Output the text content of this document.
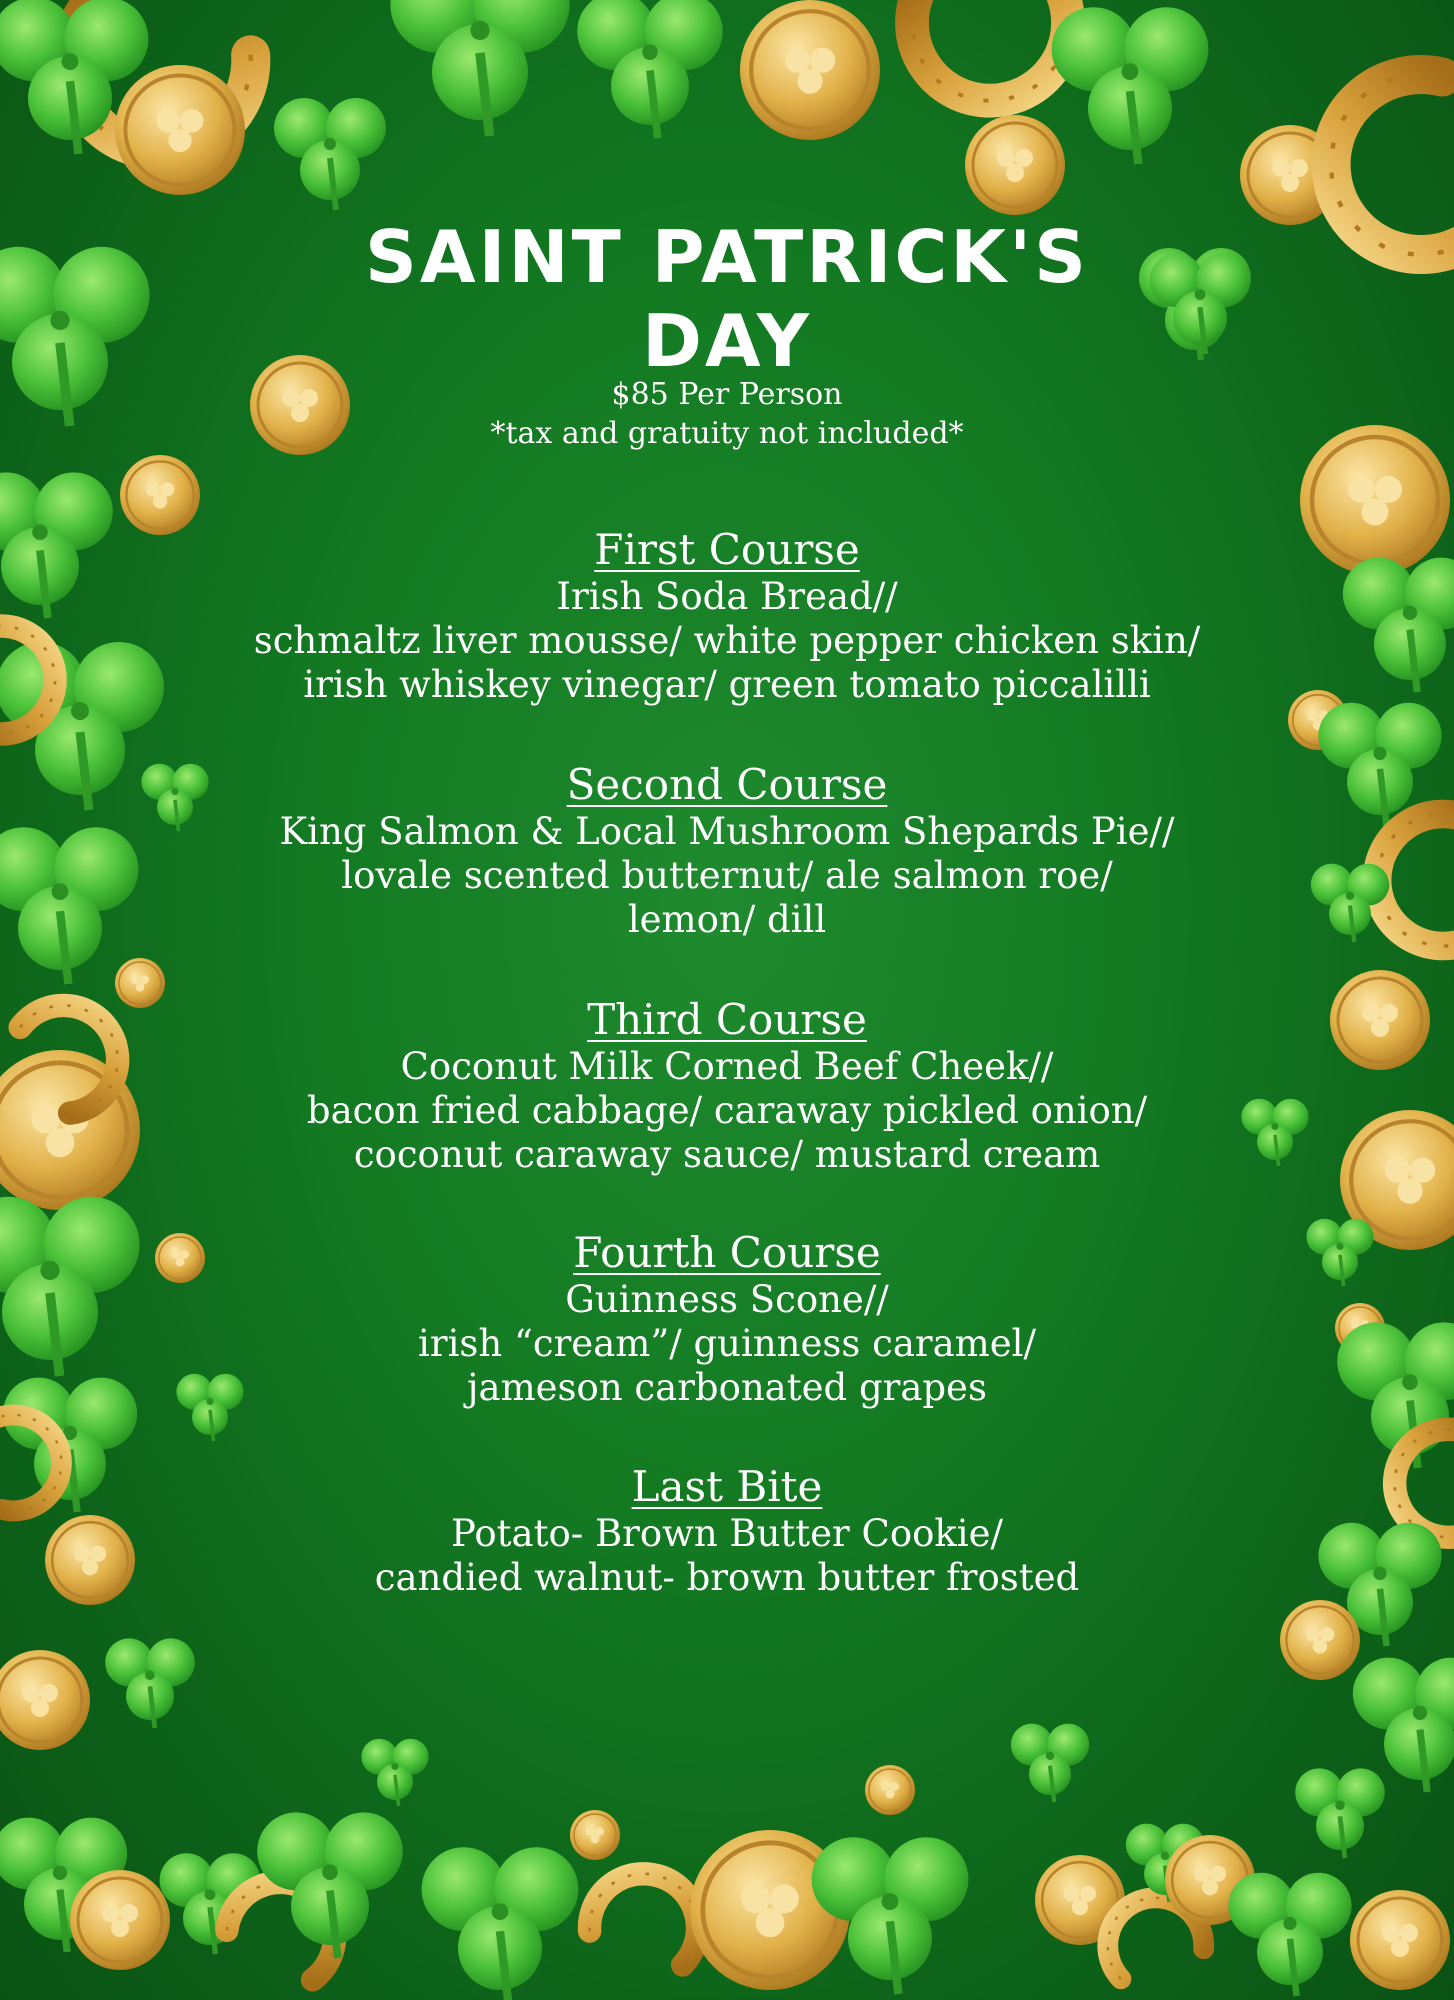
SAINT PATRICK'S DAY
$85 Per Person
*tax and gratuity not included*
First Course
Irish Soda Bread//
schmaltz liver mousse/ white pepper chicken skin/
irish whiskey vinegar/ green tomato piccalilli
Second Course
King Salmon & Local Mushroom Shepards Pie//
lovale scented butternut/ ale salmon roe/
lemon/ dill
Third Course
Coconut Milk Corned Beef Cheek//
bacon fried cabbage/ caraway pickled onion/
coconut caraway sauce/ mustard cream
Fourth Course
Guinness Scone//
irish “cream”/ guinness caramel/
jameson carbonated grapes
Last Bite
Potato- Brown Butter Cookie/
candied walnut- brown butter frosted
